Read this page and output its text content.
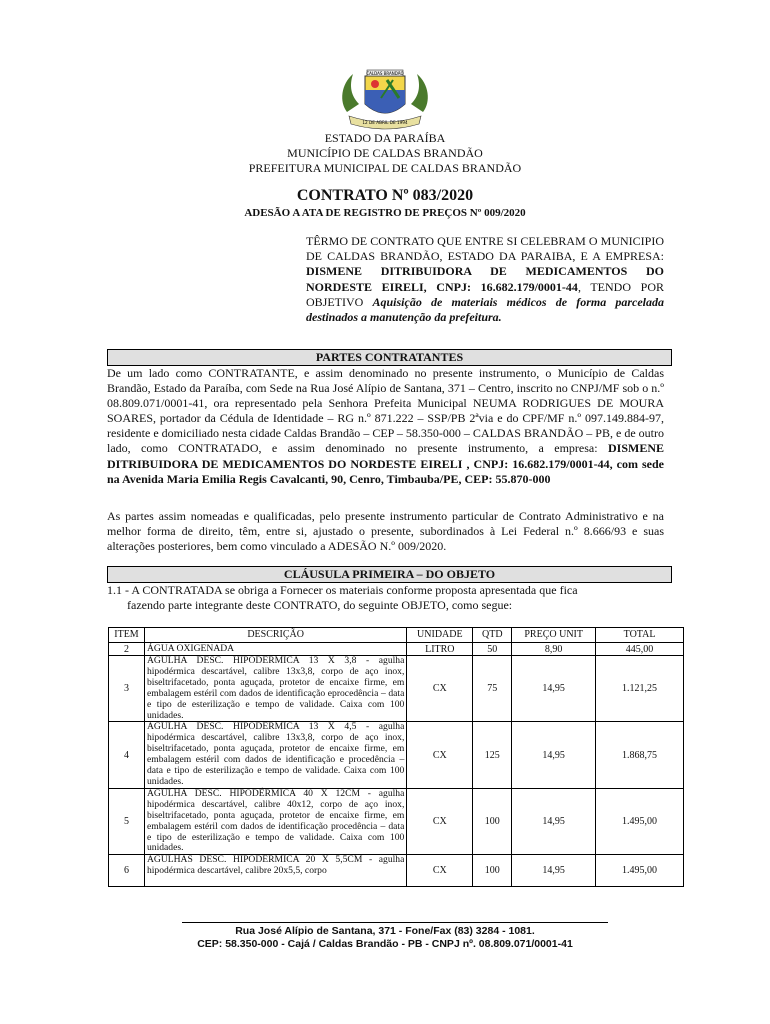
CALDAS BRANDÃO
12 DE ABRIL DE 1994
ESTADO DA PARAÍBA
MUNICÍPIO DE CALDAS BRANDÃO
PREFEITURA MUNICIPAL DE CALDAS BRANDÃO
CONTRATO Nº 083/2020
ADESÃO A ATA DE REGISTRO DE PREÇOS Nº 009/2020
TÊRMO DE CONTRATO QUE ENTRE SI CELEBRAM O MUNICIPIO DE CALDAS BRANDÃO, ESTADO DA PARAIBA, E A EMPRESA: DISMENE DITRIBUIDORA DE MEDICAMENTOS DO NORDESTE EIRELI, CNPJ: 16.682.179/0001-44, TENDO POR OBJETIVO Aquisição de materiais médicos de forma parcelada destinados a manutenção da prefeitura.
PARTES CONTRATANTES
De um lado como CONTRATANTE, e assim denominado no presente instrumento, o Município de Caldas Brandão, Estado da Paraíba, com Sede na Rua José Alípio de Santana, 371 – Centro, inscrito no CNPJ/MF sob o n.º 08.809.071/0001-41, ora representado pela Senhora Prefeita Municipal NEUMA RODRIGUES DE MOURA SOARES, portador da Cédula de Identidade – RG n.º 871.222 – SSP/PB 2ªvia e do CPF/MF n.º 097.149.884-97, residente e domiciliado nesta cidade Caldas Brandão – CEP – 58.350-000 – CALDAS BRANDÃO – PB, e de outro lado, como CONTRATADO, e assim denominado no presente instrumento, a empresa: DISMENE DITRIBUIDORA DE MEDICAMENTOS DO NORDESTE EIRELI , CNPJ: 16.682.179/0001-44, com sede na Avenida Maria Emilia Regis Cavalcanti, 90, Cenro, Timbauba/PE, CEP: 55.870-000
As partes assim nomeadas e qualificadas, pelo presente instrumento particular de Contrato Administrativo e na melhor forma de direito, têm, entre si, ajustado o presente, subordinados à Lei Federal n.º 8.666/93 e suas alterações posteriores, bem como vinculado a ADESÃO N.º 009/2020.
CLÁUSULA PRIMEIRA – DO OBJETO
1.1 - A CONTRATADA se obriga a Fornecer os materiais conforme proposta apresentada que fica
fazendo parte integrante deste CONTRATO, do seguinte OBJETO, como segue:
ITEM	DESCRIÇÃO	UNIDADE	QTD	PREÇO UNIT	TOTAL
2	ÁGUA OXIGENADA	LITRO	50	8,90	445,00
3	AGULHA DESC. HIPODERMICA 13 X 3,8 - agulha hipodérmica descartável, calibre 13x3,8, corpo de aço inox, biseltrifacetado, ponta aguçada, protetor de encaixe firme, em embalagem estéril com dados de identificação eprocedência – data e tipo de esterilização e tempo de validade. Caixa com 100 unidades.	CX	75	14,95	1.121,25
4	AGULHA DESC. HIPODERMICA 13 X 4,5 - agulha hipodérmica descartável, calibre 13x3,8, corpo de aço inox, biseltrifacetado, ponta aguçada, protetor de encaixe firme, em embalagem estéril com dados de identificação e procedência – data e tipo de esterilização e tempo de validade. Caixa com 100 unidades.	CX	125	14,95	1.868,75
5	AGULHA DESC. HIPODÉRMICA 40 X 12CM - agulha hipodérmica descartável, calibre 40x12, corpo de aço inox, biseltrifacetado, ponta aguçada, protetor de encaixe firme, em embalagem estéril com dados de identificação procedência – data e tipo de esterilização e tempo de validade. Caixa com 100 unidades.	CX	100	14,95	1.495,00
6	AGULHAS DESC. HIPODÉRMICA 20 X 5,5CM - agulha hipodérmica descartável, calibre 20x5,5, corpo	CX	100	14,95	1.495,00
Rua José Alípio de Santana, 371 - Fone/Fax (83) 3284 - 1081.
CEP: 58.350-000 - Cajá / Caldas Brandão - PB - CNPJ nº. 08.809.071/0001-41
